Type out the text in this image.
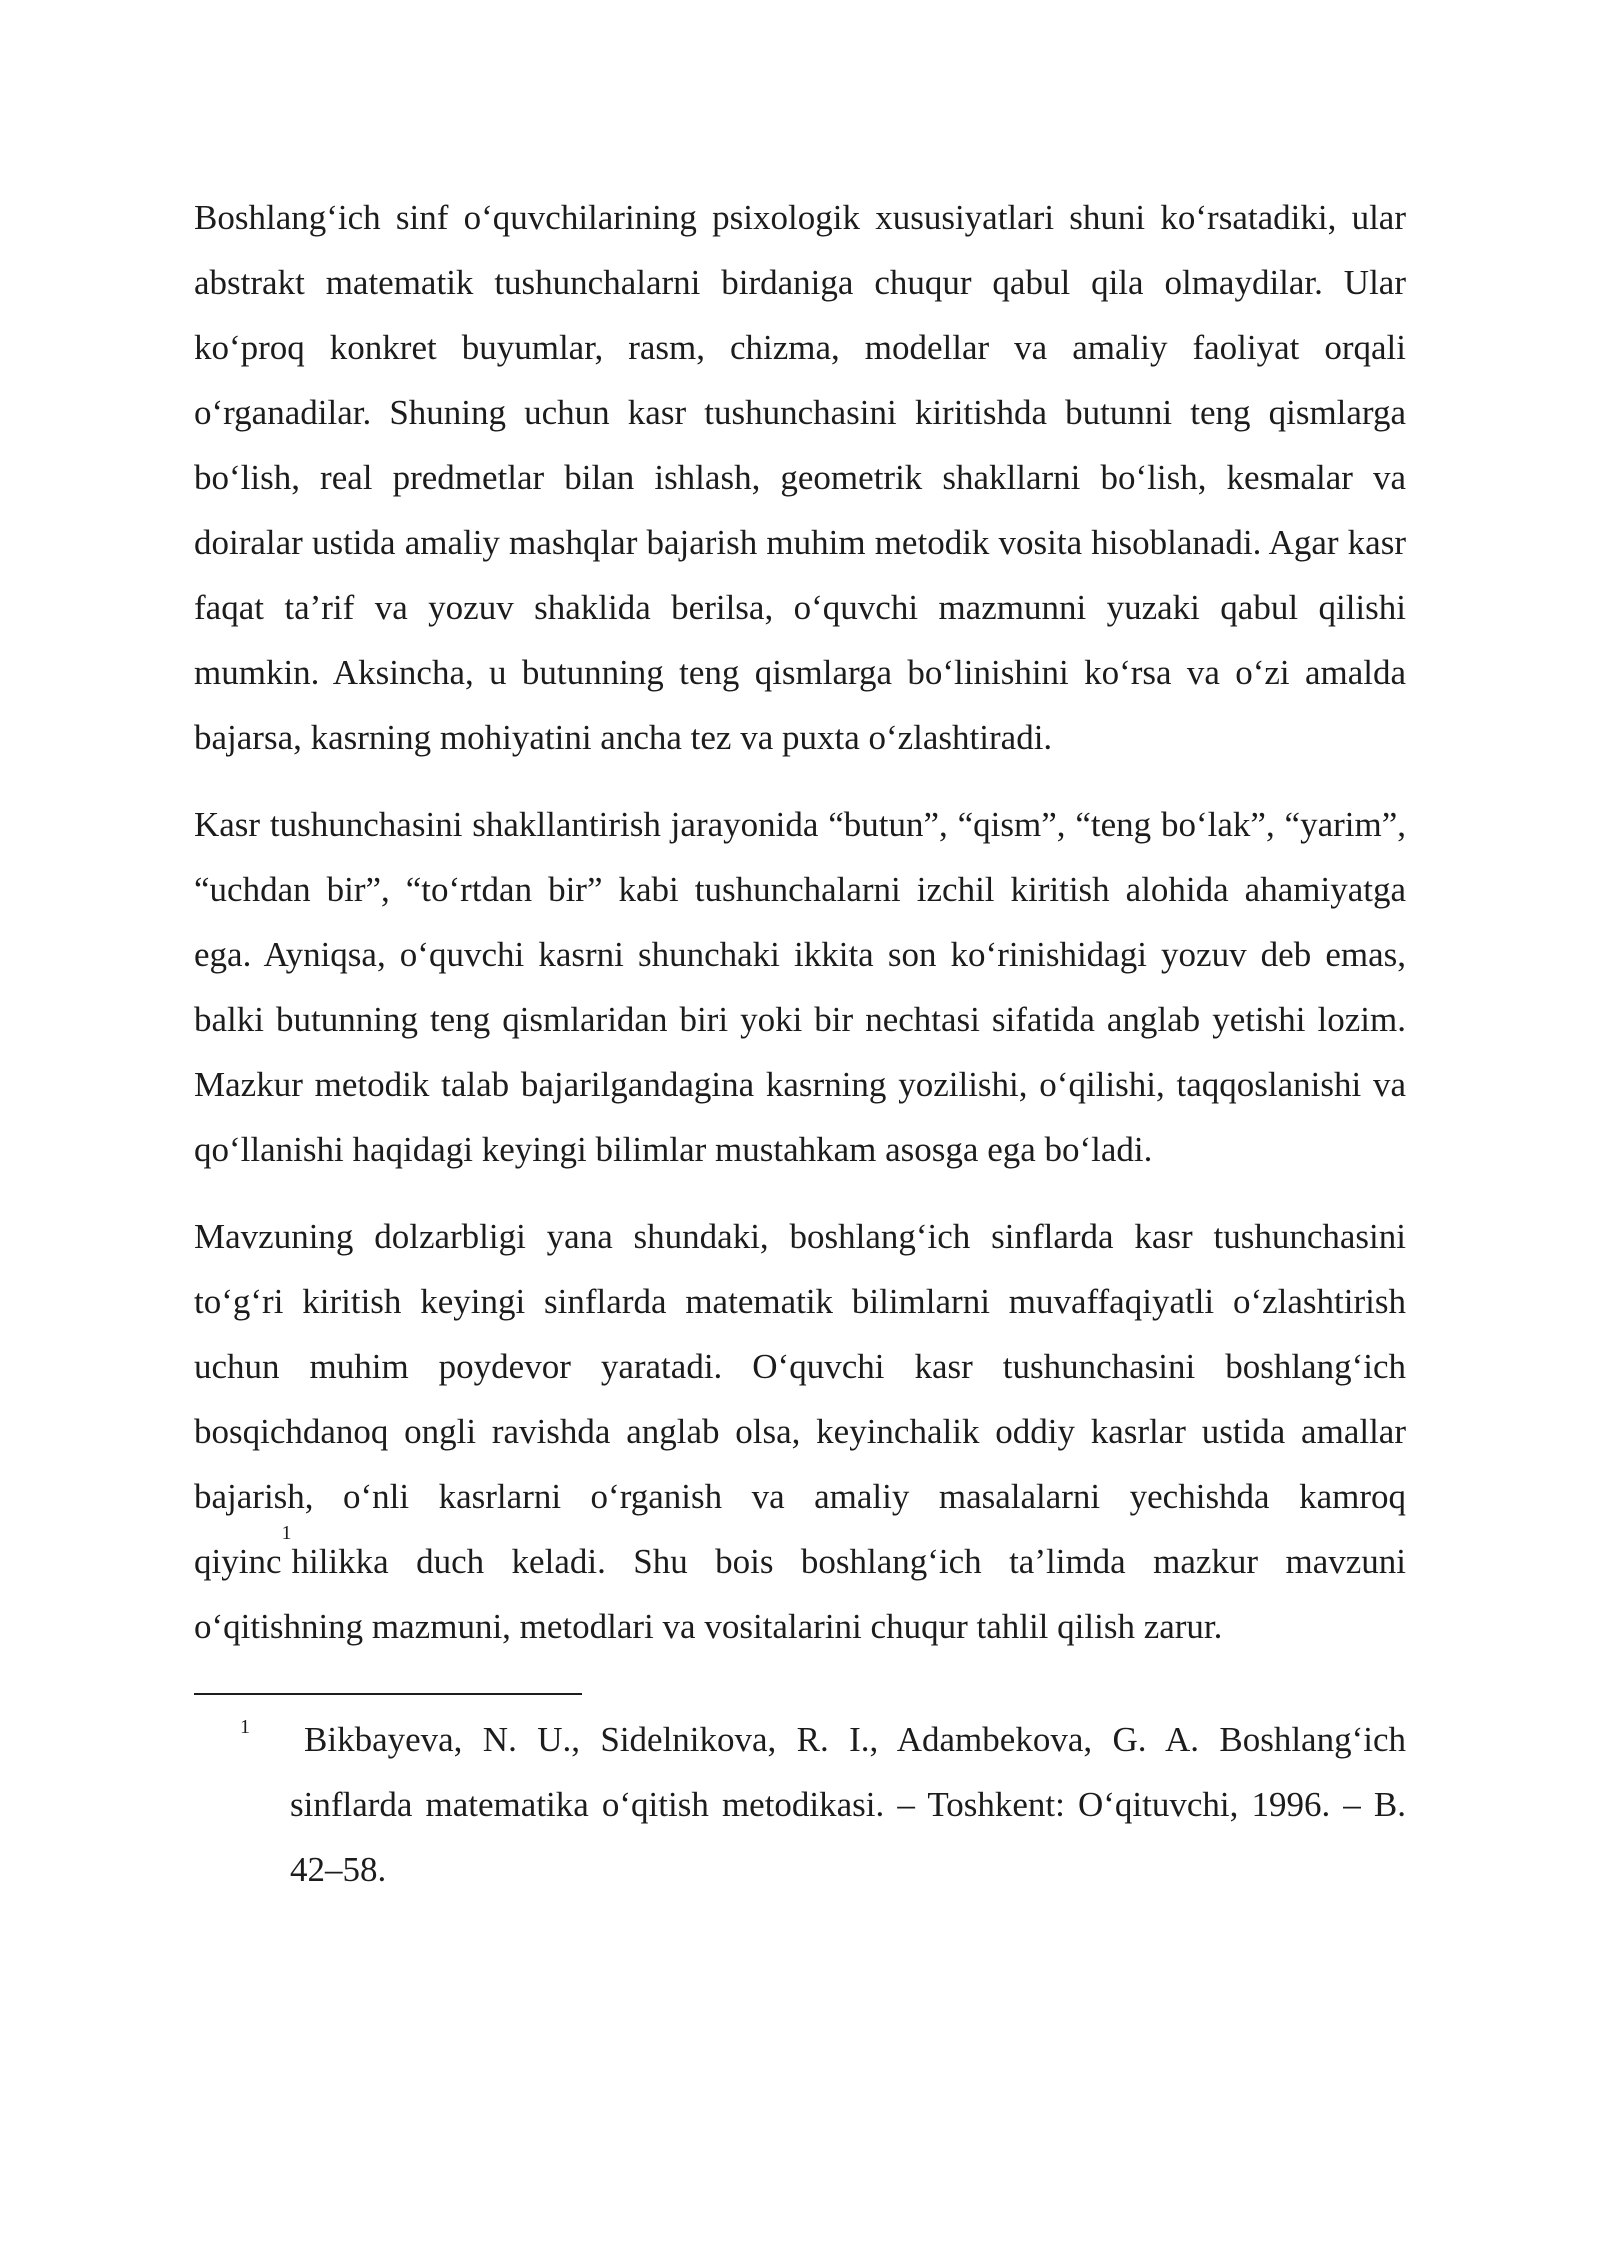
Boshlang‘ich sinf o‘quvchilarining psixologik xususiyatlari shuni ko‘rsatadiki, ular abstrakt matematik tushunchalarni birdaniga chuqur qabul qila olmaydilar. Ular ko‘proq konkret buyumlar, rasm, chizma, modellar va amaliy faoliyat orqali o‘rganadilar. Shuning uchun kasr tushunchasini kiritishda butunni teng qismlarga bo‘lish, real predmetlar bilan ishlash, geometrik shakllarni bo‘lish, kesmalar va doiralar ustida amaliy mashqlar bajarish muhim metodik vosita hisoblanadi. Agar kasr faqat ta’rif va yozuv shaklida berilsa, o‘quvchi mazmunni yuzaki qabul qilishi mumkin. Aksincha, u butunning teng qismlarga bo‘linishini ko‘rsa va o‘zi amalda bajarsa, kasrning mohiyatini ancha tez va puxta o‘zlashtiradi.

Kasr tushunchasini shakllantirish jarayonida “butun”, “qism”, “teng bo‘lak”, “yarim”, “uchdan bir”, “to‘rtdan bir” kabi tushunchalarni izchil kiritish alohida ahamiyatga ega. Ayniqsa, o‘quvchi kasrni shunchaki ikkita son ko‘rinishidagi yozuv deb emas, balki butunning teng qismlaridan biri yoki bir nechtasi sifatida anglab yetishi lozim. Mazkur metodik talab bajarilgandagina kasrning yozilishi, o‘qilishi, taqqoslanishi va qo‘llanishi haqidagi keyingi bilimlar mustahkam asosga ega bo‘ladi.

Mavzuning dolzarbligi yana shundaki, boshlang‘ich sinflarda kasr tushunchasini to‘g‘ri kiritish keyingi sinflarda matematik bilimlarni muvaffaqiyatli o‘zlashtirish uchun muhim poydevor yaratadi. O‘quvchi kasr tushunchasini boshlang‘ich bosqichdanoq ongli ravishda anglab olsa, keyinchalik oddiy kasrlar ustida amallar bajarish, o‘nli kasrlarni o‘rganish va amaliy masalalarni yechishda kamroq qiyinc$^1$hilikka duch keladi. Shu bois boshlang‘ich ta’limda mazkur mavzuni o‘qitishning mazmuni, metodlari va vositalarini chuqur tahlil qilish zarur.

1 Bikbayeva, N. U., Sidelnikova, R. I., Adambekova, G. A. Boshlang‘ich sinflarda matematika o‘qitish metodikasi. – Toshkent: O‘qituvchi, 1996. – B. 42–58.
